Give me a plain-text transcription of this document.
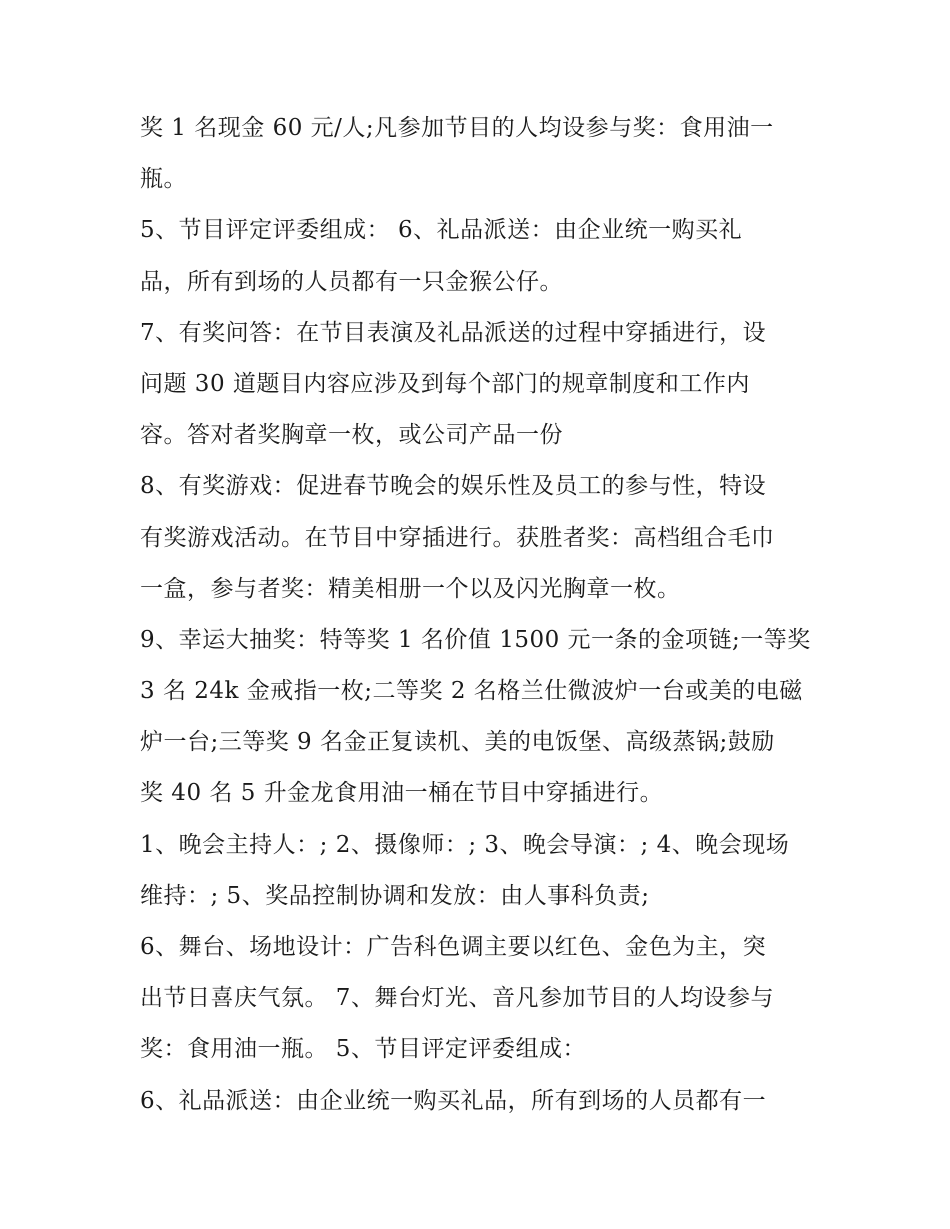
奖 1 名现金 60 元/人;凡参加节目的人均设参与奖：食用油一
瓶。
5、节目评定评委组成： 6、礼品派送：由企业统一购买礼
品，所有到场的人员都有一只金猴公仔。
7、有奖问答：在节目表演及礼品派送的过程中穿插进行，设
问题 30 道题目内容应涉及到每个部门的规章制度和工作内
容。答对者奖胸章一枚，或公司产品一份
8、有奖游戏：促进春节晚会的娱乐性及员工的参与性，特设
有奖游戏活动。在节目中穿插进行。获胜者奖：高档组合毛巾
一盒，参与者奖：精美相册一个以及闪光胸章一枚。
9、幸运大抽奖：特等奖 1 名价值 1500 元一条的金项链;一等奖
3 名 24k 金戒指一枚;二等奖 2 名格兰仕微波炉一台或美的电磁
炉一台;三等奖 9 名金正复读机、美的电饭堡、高级蒸锅;鼓励
奖 40 名 5 升金龙食用油一桶在节目中穿插进行。
1、晚会主持人：; 2、摄像师：; 3、晚会导演：; 4、晚会现场
维持：; 5、奖品控制协调和发放：由人事科负责;
6、舞台、场地设计：广告科色调主要以红色、金色为主，突
出节日喜庆气氛。 7、舞台灯光、音凡参加节目的人均设参与
奖：食用油一瓶。 5、节目评定评委组成：
6、礼品派送：由企业统一购买礼品，所有到场的人员都有一
